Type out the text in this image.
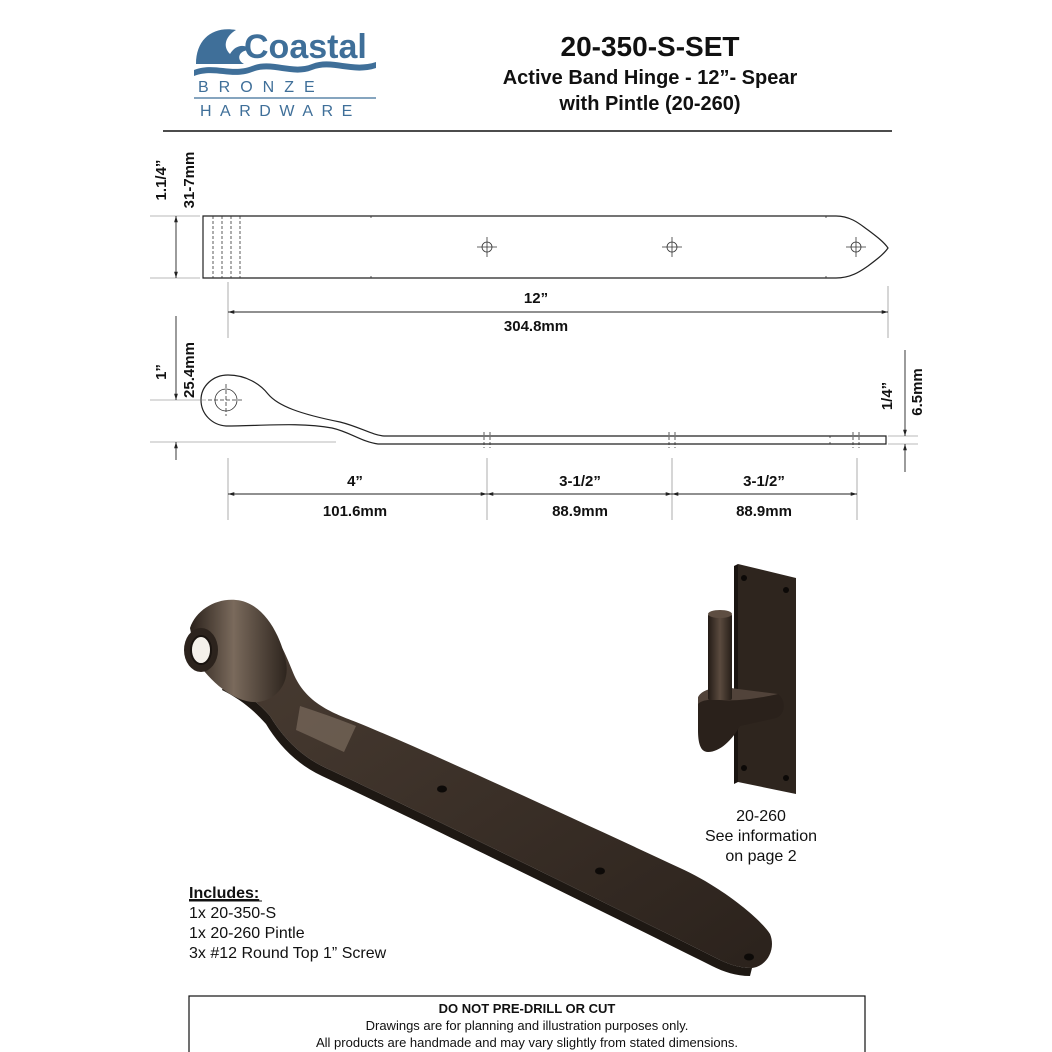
Coastal
BRONZE
HARDWARE
20-350-S-SET
Active Band Hinge - 12”- Spear
with Pintle (20-260)
1.1/4” 31-7mm
12”
304.8mm
1” 25.4mm	1/4” 6.5mm
4”
101.6mm
3-1/2”
88.9mm
3-1/2”
88.9mm
20-260
See information
on page 2
Includes:
1x 20-350-S
1x 20-260 Pintle
3x #12 Round Top 1” Screw
DO NOT PRE-DRILL OR CUT
Drawings are for planning and illustration purposes only.
All products are handmade and may vary slightly from stated dimensions.
